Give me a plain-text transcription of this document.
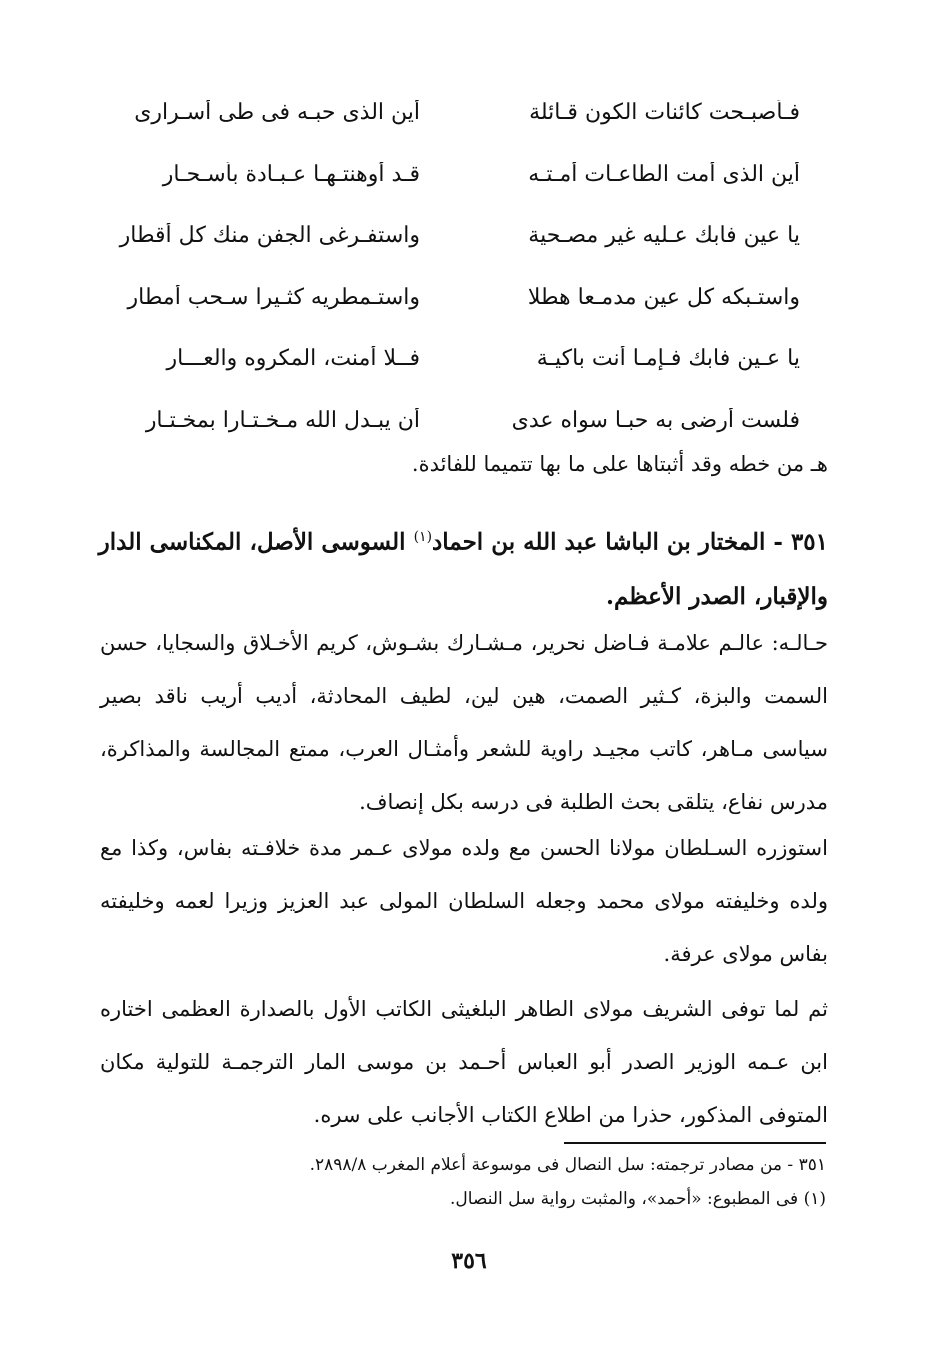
فـأصبـحت كائنات الكون قـائلة
أين الذى حبـه فى طى أسـرارى
أين الذى أمت الطاعـات أمـتـه
قـد أوهنتـهـا عـبـادة بأسـحـار
يا عين فابك عـليه غير مصـحية
واستفـرغى الجفن منك كل أقطار
واستـبكه كل عين مدمـعا هطلا
واستـمطريه كثـيرا سـحب أمطار
يا عـين فابك فـإمـا أنت باكيـة
فــلا أمنت، المكروه والعـــار
فلست أرضى به حبـا سواه عدى
أن يبـدل الله مـخـتـارا بمخـتـار
هـ من خطه وقد أثبتاها على ما بها تتميما للفائدة.
٣٥١ - المختار بن الباشا عبد الله بن احماد$^{(١)}$ السوسى الأصل، المكناسى الدار والإقبار، الصدر الأعظم.
حـالـه: عالـم علامـة فـاضل نحرير، مـشـارك بشـوش، كريم الأخـلاق والسجايا، حسن السمت والبزة، كـثير الصمت، هين لين، لطيف المحادثة، أديب أريب ناقد بصير سياسى مـاهر، كاتب مجيـد راوية للشعر وأمثـال العرب، ممتع المجالسة والمذاكرة، مدرس نفاع، يتلقى بحث الطلبة فى درسه بكل إنصاف.
استوزره السـلطان مولانا الحسن مع ولده مولاى عـمر مدة خلافـته بفاس، وكذا مع ولده وخليفته مولاى محمد وجعله السلطان المولى عبد العزيز وزيرا لعمه وخليفته بفاس مولاى عرفة.
ثم لما توفى الشريف مولاى الطاهر البلغيثى الكاتب الأول بالصدارة العظمى اختاره ابن عـمه الوزير الصدر أبو العباس أحـمد بن موسى المار الترجمـة للتولية مكان المتوفى المذكور، حذرا من اطلاع الكتاب الأجانب على سره.
٣٥١ - من مصادر ترجمته: سل النصال فى موسوعة أعلام المغرب ٢٨٩٨/٨.
(١) فى المطبوع: «أحمد»، والمثبت رواية سل النصال.
٣٥٦
